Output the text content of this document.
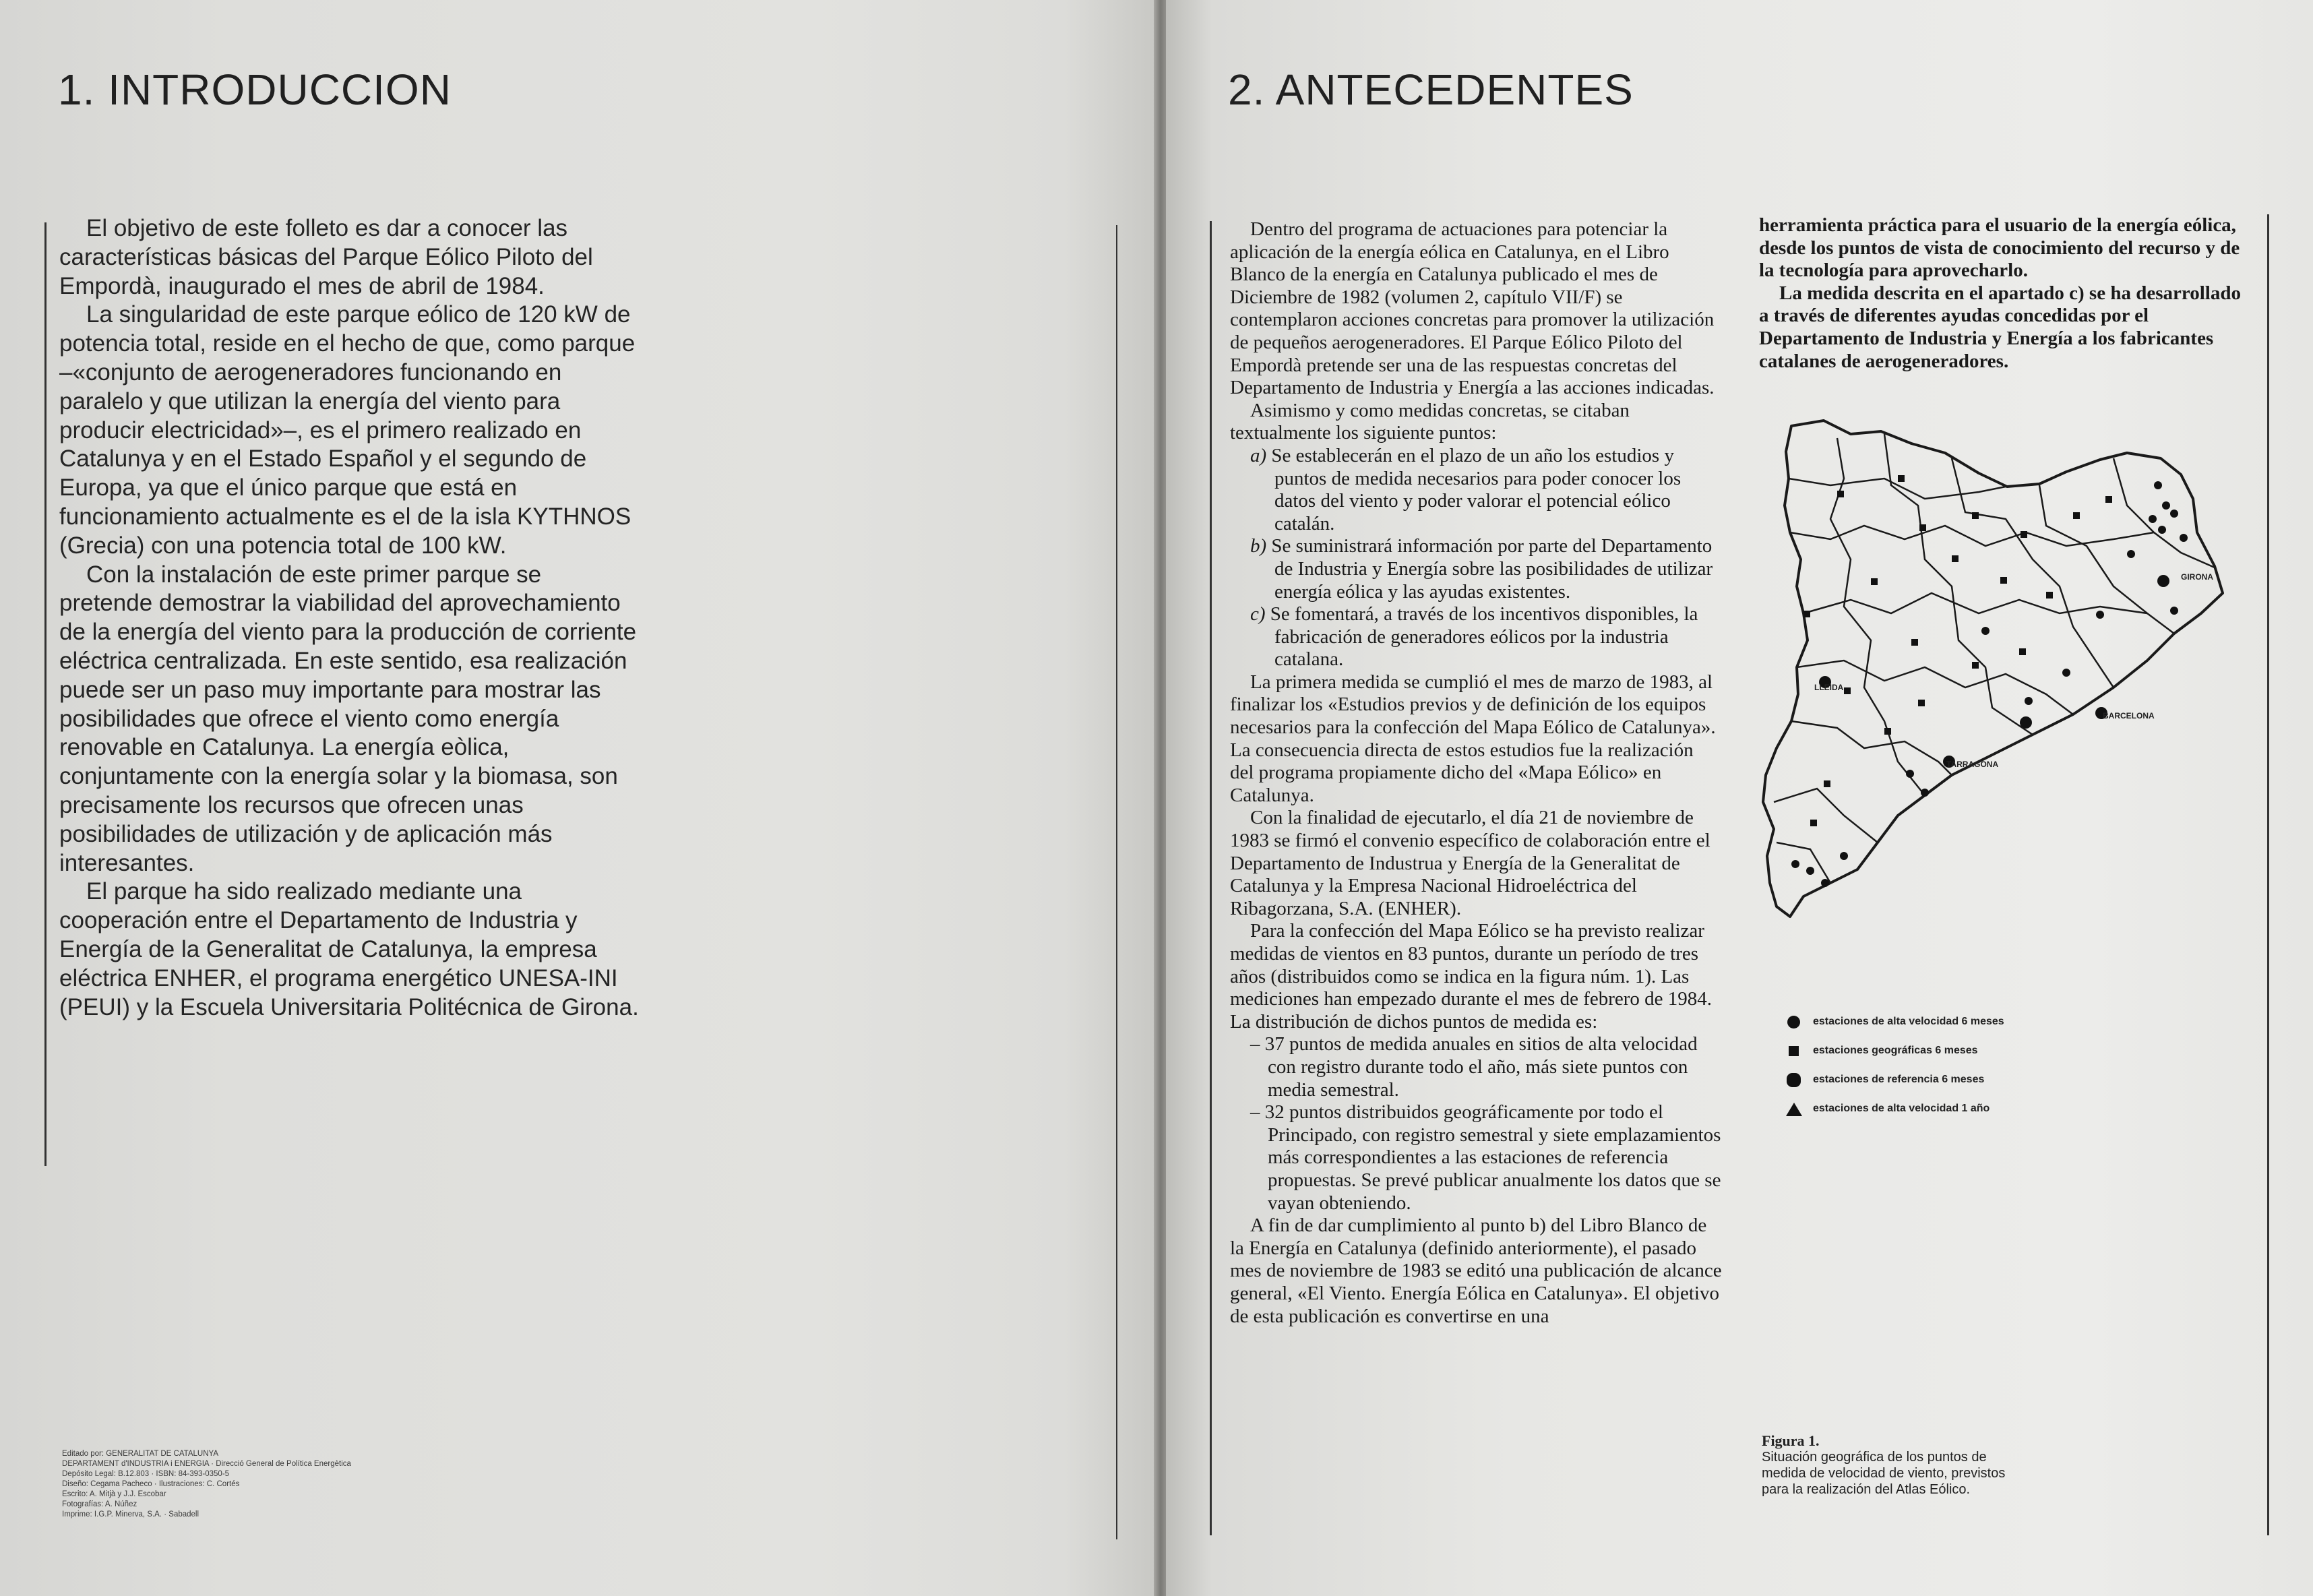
1. INTRODUCCION

El objetivo de este folleto es dar a conocer las características básicas del Parque Eólico Piloto del Empordà, inaugurado el mes de abril de 1984.

La singularidad de este parque eólico de 120 kW de potencia total, reside en el hecho de que, como parque –«conjunto de aerogeneradores funcionando en paralelo y que utilizan la energía del viento para producir electricidad»–, es el primero realizado en Catalunya y en el Estado Español y el segundo de Europa, ya que el único parque que está en funcionamiento actualmente es el de la isla KYTHNOS (Grecia) con una potencia total de 100 kW.

Con la instalación de este primer parque se pretende demostrar la viabilidad del aprovechamiento de la energía del viento para la producción de corriente eléctrica centralizada. En este sentido, esa realización puede ser un paso muy importante para mostrar las posibilidades que ofrece el viento como energía renovable en Catalunya. La energía eòlica, conjuntamente con la energía solar y la biomasa, son precisamente los recursos que ofrecen unas posibilidades de utilización y de aplicación más interesantes.

El parque ha sido realizado mediante una cooperación entre el Departamento de Industria y Energía de la Generalitat de Catalunya, la empresa eléctrica ENHER, el programa energético UNESA-INI (PEUI) y la Escuela Universitaria Politécnica de Girona.

Editado por: GENERALITAT DE CATALUNYA
DEPARTAMENT d'INDUSTRIA i ENERGIA · Direcció General de Política Energètica
Depósito Legal: B.12.803 · ISBN: 84-393-0350-5
Diseño: Cegama Pacheco · Ilustraciones: C. Cortés
Escrito: A. Mitjà y J.J. Escobar
Fotografías: A. Núñez
Imprime: I.G.P. Minerva, S.A. · Sabadell
2. ANTECEDENTES

Dentro del programa de actuaciones para potenciar la aplicación de la energía eólica en Catalunya, en el Libro Blanco de la energía en Catalunya publicado el mes de Diciembre de 1982 (volumen 2, capítulo VII/F) se contemplaron acciones concretas para promover la utilización de pequeños aerogeneradores. El Parque Eólico Piloto del Empordà pretende ser una de las respuestas concretas del Departamento de Industria y Energía a las acciones indicadas.

Asimismo y como medidas concretas, se citaban textualmente los siguiente puntos:

a) Se establecerán en el plazo de un año los estudios y puntos de medida necesarios para poder conocer los datos del viento y poder valorar el potencial eólico catalán.

b) Se suministrará información por parte del Departamento de Industria y Energía sobre las posibilidades de utilizar energía eólica y las ayudas existentes.

c) Se fomentará, a través de los incentivos disponibles, la fabricación de generadores eólicos por la industria catalana.

La primera medida se cumplió el mes de marzo de 1983, al finalizar los «Estudios previos y de definición de los equipos necesarios para la confección del Mapa Eólico de Catalunya». La consecuencia directa de estos estudios fue la realización del programa propiamente dicho del «Mapa Eólico» en Catalunya.

Con la finalidad de ejecutarlo, el día 21 de noviembre de 1983 se firmó el convenio específico de colaboración entre el Departamento de Industrua y Energía de la Generalitat de Catalunya y la Empresa Nacional Hidroeléctrica del Ribagorzana, S.A. (ENHER).

Para la confección del Mapa Eólico se ha previsto realizar medidas de vientos en 83 puntos, durante un período de tres años (distribuidos como se indica en la figura núm. 1). Las mediciones han empezado durante el mes de febrero de 1984. La distribución de dichos puntos de medida es:

– 37 puntos de medida anuales en sitios de alta velocidad con registro durante todo el año, más siete puntos con media semestral.

– 32 puntos distribuidos geográficamente por todo el Principado, con registro semestral y siete emplazamientos más correspondientes a las estaciones de referencia propuestas. Se prevé publicar anualmente los datos que se vayan obteniendo.

A fin de dar cumplimiento al punto b) del Libro Blanco de la Energía en Catalunya (definido anteriormente), el pasado mes de noviembre de 1983 se editó una publicación de alcance general, «El Viento. Energía Eólica en Catalunya». El objetivo de esta publicación es convertirse en una

herramienta práctica para el usuario de la energía eólica, desde los puntos de vista de conocimiento del recurso y de la tecnología para aprovecharlo.

La medida descrita en el apartado c) se ha desarrollado a través de diferentes ayudas concedidas por el Departamento de Industria y Energía a los fabricantes catalanes de aerogeneradores.

GIRONA
LLEIDA
BARCELONA
TARRAGONA
estaciones de alta velocidad 6 meses
estaciones geográficas 6 meses
estaciones de referencia 6 meses
estaciones de alta velocidad 1 año
Figura 1.
Situación geográfica de los puntos de medida de velocidad de viento, previstos para la realización del Atlas Eólico.
